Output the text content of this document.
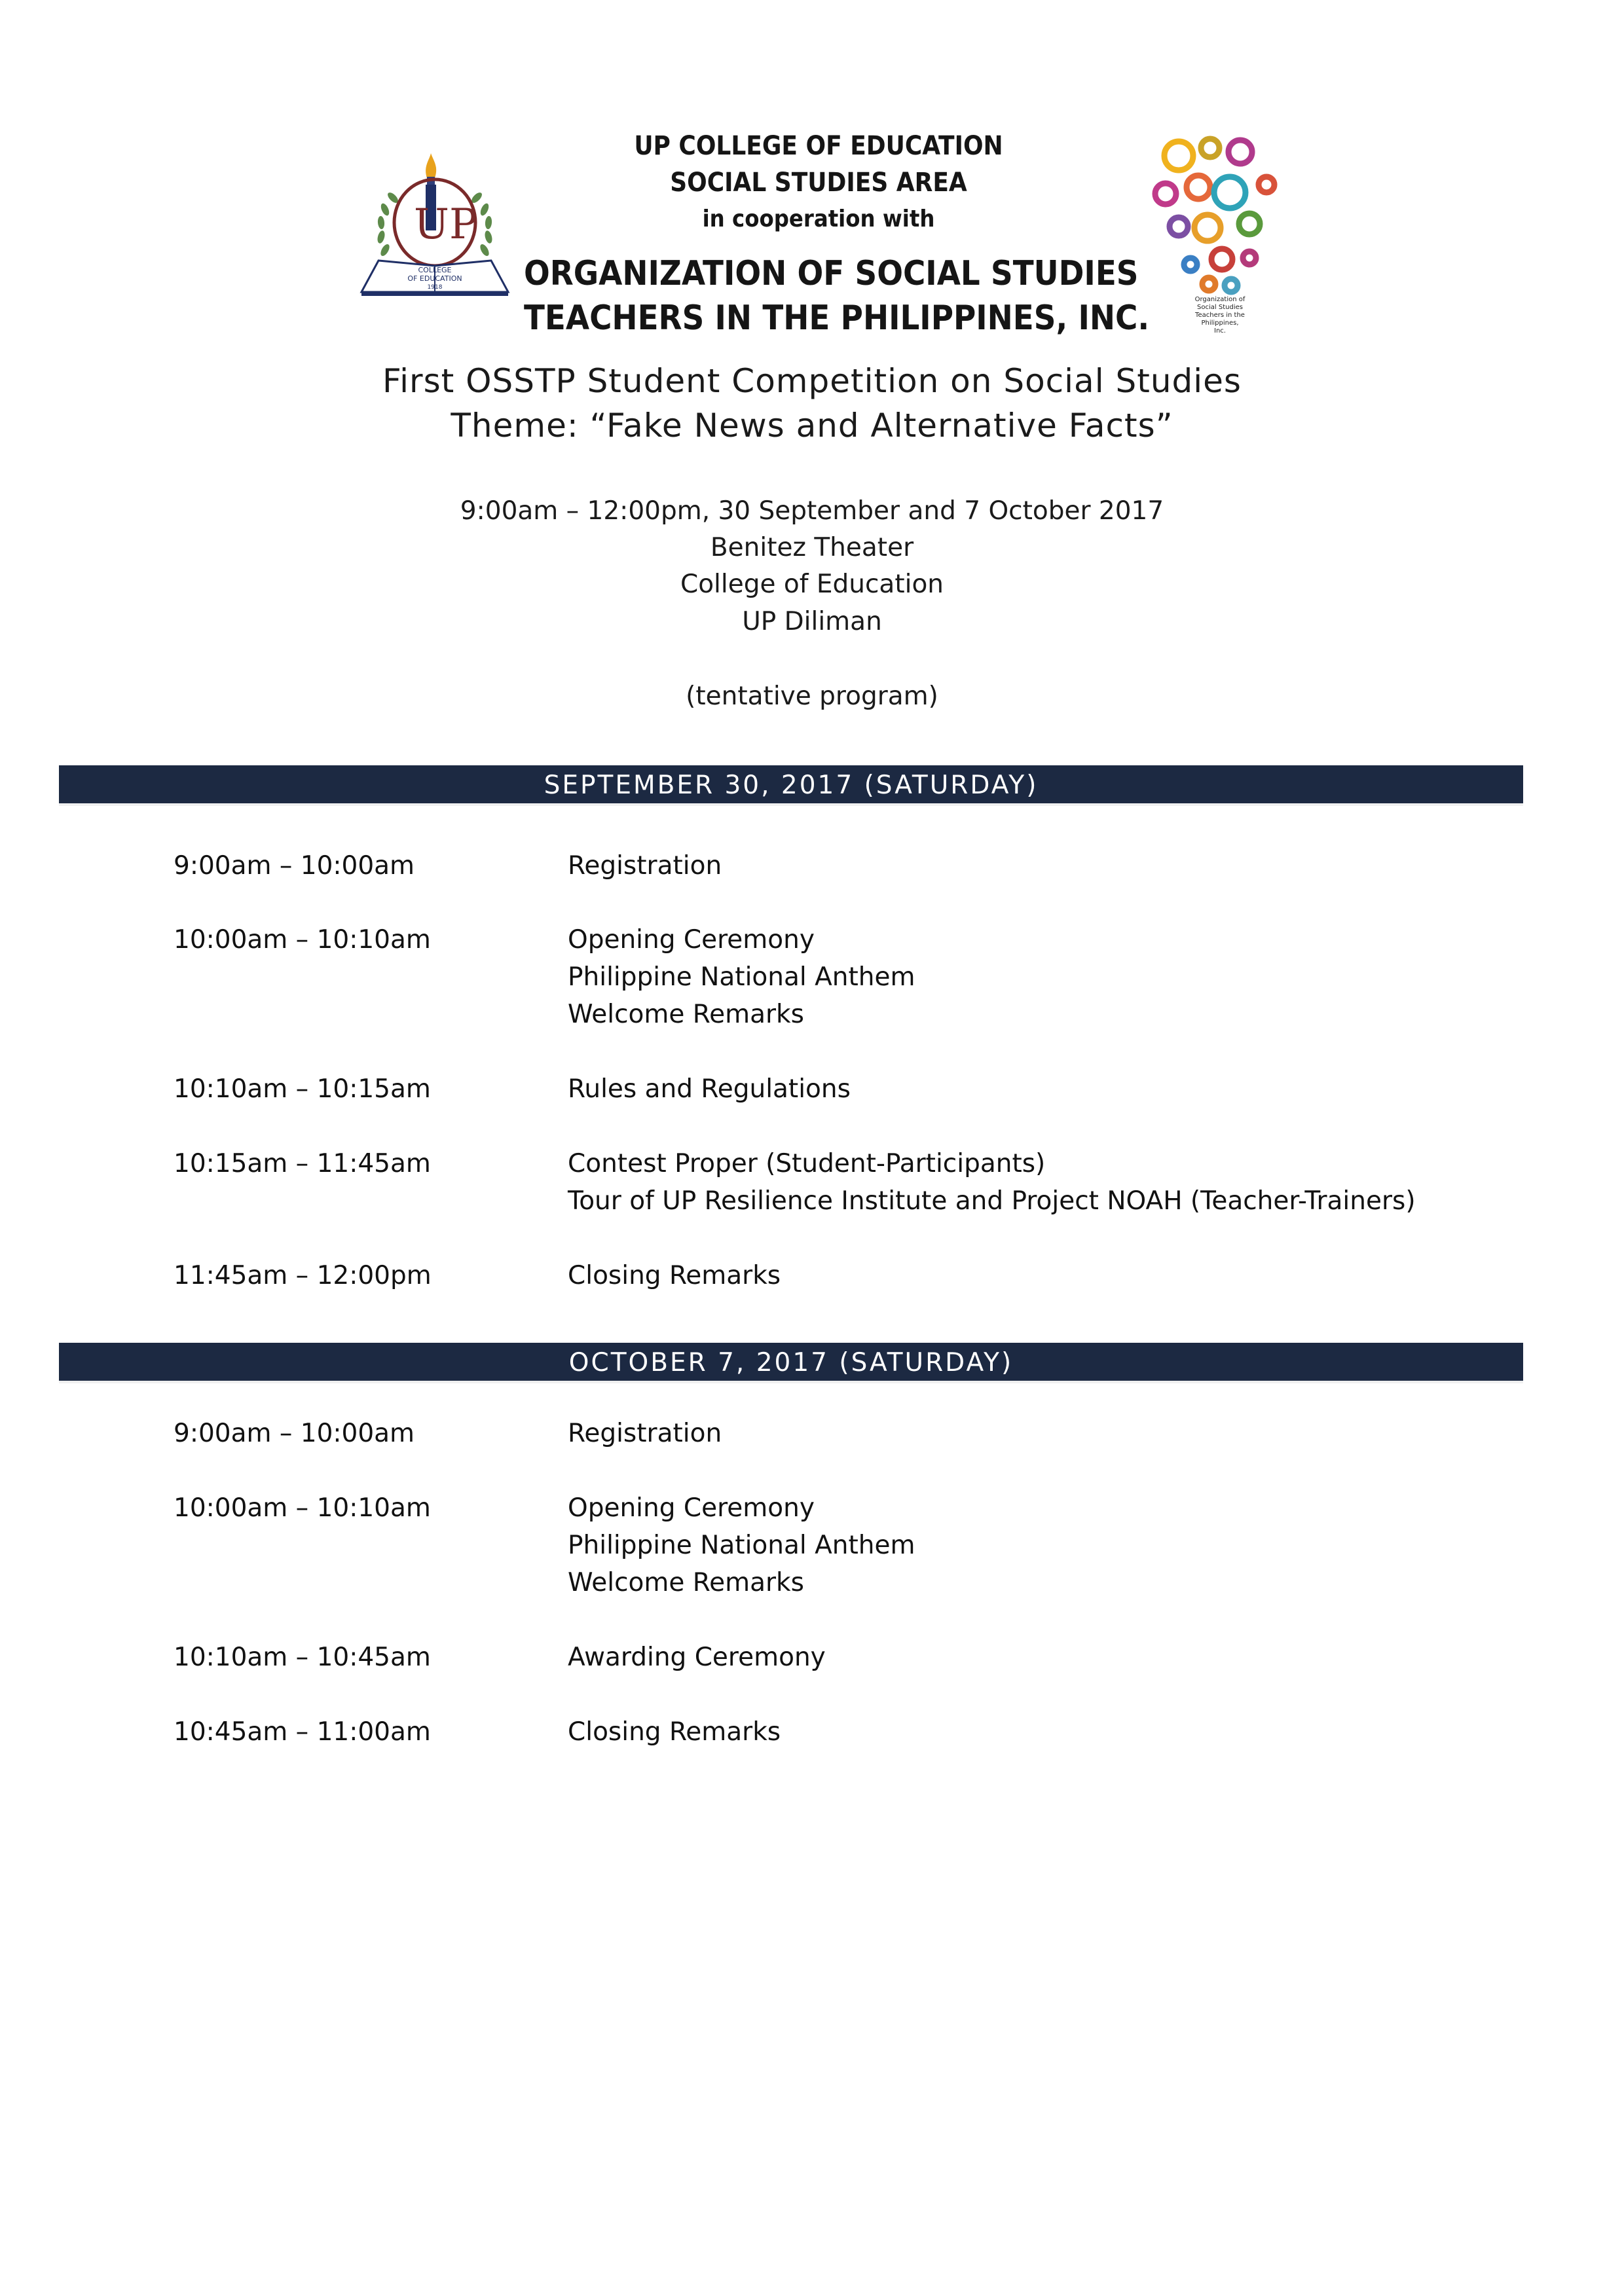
UP
COLLEGE
OF EDUCATION
1918
UP COLLEGE OF EDUCATION
SOCIAL STUDIES AREA
in cooperation with
ORGANIZATION OF SOCIAL STUDIES
TEACHERS IN THE PHILIPPINES, INC.	Organization of
Social Studies
Teachers in the
Philippines,
Inc.
First OSSTP Student Competition on Social Studies
Theme: “Fake News and Alternative Facts”
9:00am – 12:00pm, 30 September and 7 October 2017
Benitez Theater
College of Education
UP Diliman
(tentative program)
SEPTEMBER 30, 2017 (SATURDAY)
9:00am – 10:00am	Registration
10:00am – 10:10am	Opening Ceremony
Philippine National Anthem
Welcome Remarks
10:10am – 10:15am	Rules and Regulations
10:15am – 11:45am	Contest Proper (Student-Participants)
Tour of UP Resilience Institute and Project NOAH (Teacher-Trainers)
11:45am – 12:00pm	Closing Remarks
OCTOBER 7, 2017 (SATURDAY)
9:00am – 10:00am	Registration
10:00am – 10:10am	Opening Ceremony
Philippine National Anthem
Welcome Remarks
10:10am – 10:45am	Awarding Ceremony
10:45am – 11:00am	Closing Remarks
